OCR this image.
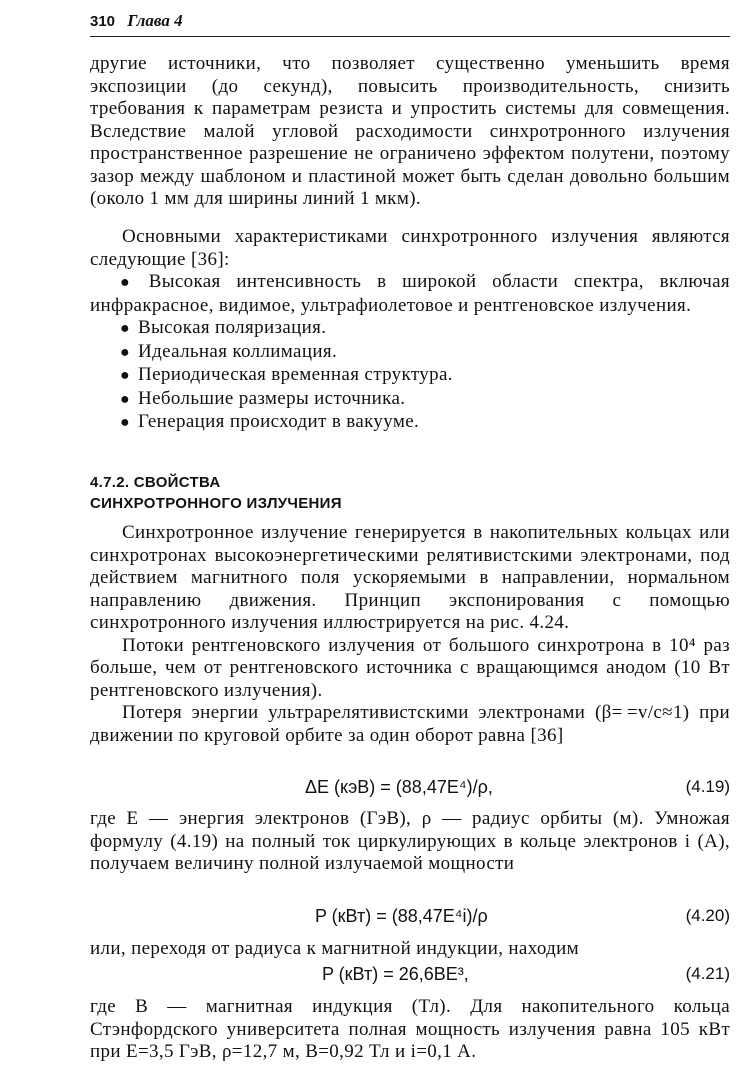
310 Глава 4

другие источники, что позволяет существенно уменьшить время экспозиции (до секунд), повысить производительность, снизить требования к параметрам резиста и упростить системы для совмещения. Вследствие малой угловой расходимости синхротронного излучения пространственное разрешение не ограничено эффектом полутени, поэтому зазор между шаблоном и пластиной может быть сделан довольно большим (около 1 мм для ширины линий 1 мкм).

Основными характеристиками синхротронного излучения являются следующие [36]:

● Высокая интенсивность в широкой области спектра, включая инфракрасное, видимое, ультрафиолетовое и рентгеновское излучения.
● Высокая поляризация.
● Идеальная коллимация.
● Периодическая временная структура.
● Небольшие размеры источника.
● Генерация происходит в вакууме.
4.7.2. СВОЙСТВА
СИНХРОТРОННОГО ИЗЛУЧЕНИЯ

Синхротронное излучение генерируется в накопительных кольцах или синхротронах высокоэнергетическими релятивистскими электронами, под действием магнитного поля ускоряемыми в направлении, нормальном направлению движения. Принцип экспонирования с помощью синхротронного излучения иллюстрируется на рис. 4.24.

Потоки рентгеновского излучения от большого синхротрона в 10⁴ раз больше, чем от рентгеновского источника с вращающимся анодом (10 Вт рентгеновского излучения).

Потеря энергии ультрарелятивистскими электронами (β= =v/c≈1) при движении по круговой орбите за один оборот равна [36]

ΔE (кэВ) = (88,47E⁴)/ρ,	(4.19)

где E — энергия электронов (ГэВ), ρ — радиус орбиты (м). Умножая формулу (4.19) на полный ток циркулирующих в кольце электронов i (A), получаем величину полной излучаемой мощности

P (кВт) = (88,47E⁴i)/ρ	(4.20)

или, переходя от радиуса к магнитной индукции, находим

P (кВт) = 26,6BE³,	(4.21)

где B — магнитная индукция (Тл). Для накопительного кольца Стэнфордского университета полная мощность излучения равна 105 кВт при E=3,5 ГэВ, ρ=12,7 м, B=0,92 Тл и i=0,1 А.
